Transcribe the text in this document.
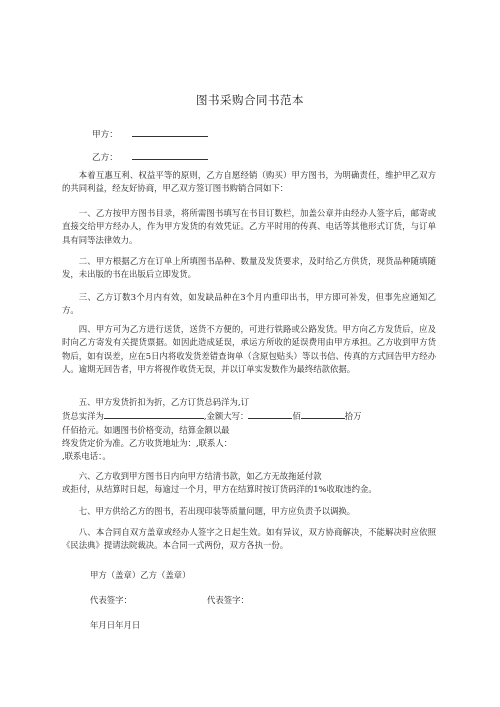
图书采购合同书范本
甲方：
乙方：

本着互惠互利、权益平等的原则，乙方自愿经销（购买）甲方图书，为明确责任，维护甲乙双方的共同利益，经友好协商，甲乙双方签订图书购销合同如下：

一、乙方按甲方图书目录，将所需图书填写在书目订数栏，加盖公章并由经办人签字后，邮寄或直接交给甲方经办人，作为甲方发货的有效凭证。乙方平时用的传真、电话等其他形式订货，与订单具有同等法律效力。

二、甲方根据乙方在订单上所填图书品种、数量及发货要求，及时给乙方供货，现货品种随填随发，未出版的书在出版后立即发货。

三、乙方订数3个月内有效，如发缺品种在3个月内重印出书，甲方即可补发，但事先应通知乙方。

四、甲方可为乙方进行送货，送货不方便的，可进行铁路或公路发货。甲方向乙方发货后，应及时向乙方寄发有关提货票据。如因此造成延误，承运方所收的延误费用由甲方承担。乙方收到甲方货物后，如有误差，应在5日内将收发货差错查询单（含原包贴头）等以书信、传真的方式回告甲方经办人。逾期无回告者，甲方将视作收货无误，并以订单实发数作为最终结款依据。

五、甲方发货折扣为折，乙方订货总码洋为,订
货总实洋为	,金额大写：	佰	拾万
仟佰拾元。如遇图书价格变动，结算金额以最
终发货定价为准。乙方收货地址为：,联系人：
,联系电话：。
六、乙方收到甲方图书日内向甲方结清书款，如乙方无故拖延付款
或拒付，从结算时日起，每逾过一个月，甲方在结算时按订货码洋的1%收取违约金。

七、甲方供给乙方的图书，若出现印装等质量问题，甲方应负责予以调换。

八、本合同自双方盖章或经办人签字之日起生效。如有异议，双方协商解决，不能解决时应依照《民法典》提请法院裁决。本合同一式两份，双方各执一份。

甲方（盖章）乙方（盖章）
代表签字：	代表签字：
年月日年月日
